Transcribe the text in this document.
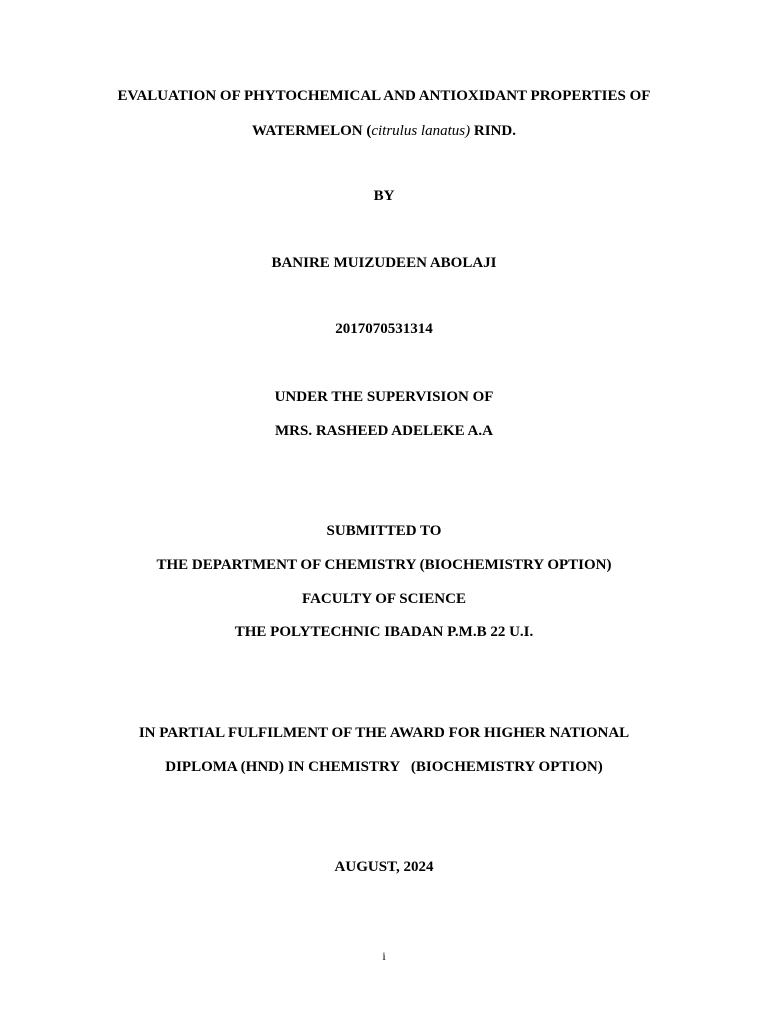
EVALUATION OF PHYTOCHEMICAL AND ANTIOXIDANT PROPERTIES OF
WATERMELON (citrulus lanatus) RIND.
BY
BANIRE MUIZUDEEN ABOLAJI
2017070531314
UNDER THE SUPERVISION OF
MRS. RASHEED ADELEKE A.A
SUBMITTED TO
THE DEPARTMENT OF CHEMISTRY (BIOCHEMISTRY OPTION)
FACULTY OF SCIENCE
THE POLYTECHNIC IBADAN P.M.B 22 U.I.
IN PARTIAL FULFILMENT OF THE AWARD FOR HIGHER NATIONAL
DIPLOMA (HND) IN CHEMISTRY   (BIOCHEMISTRY OPTION)
AUGUST, 2024
i
